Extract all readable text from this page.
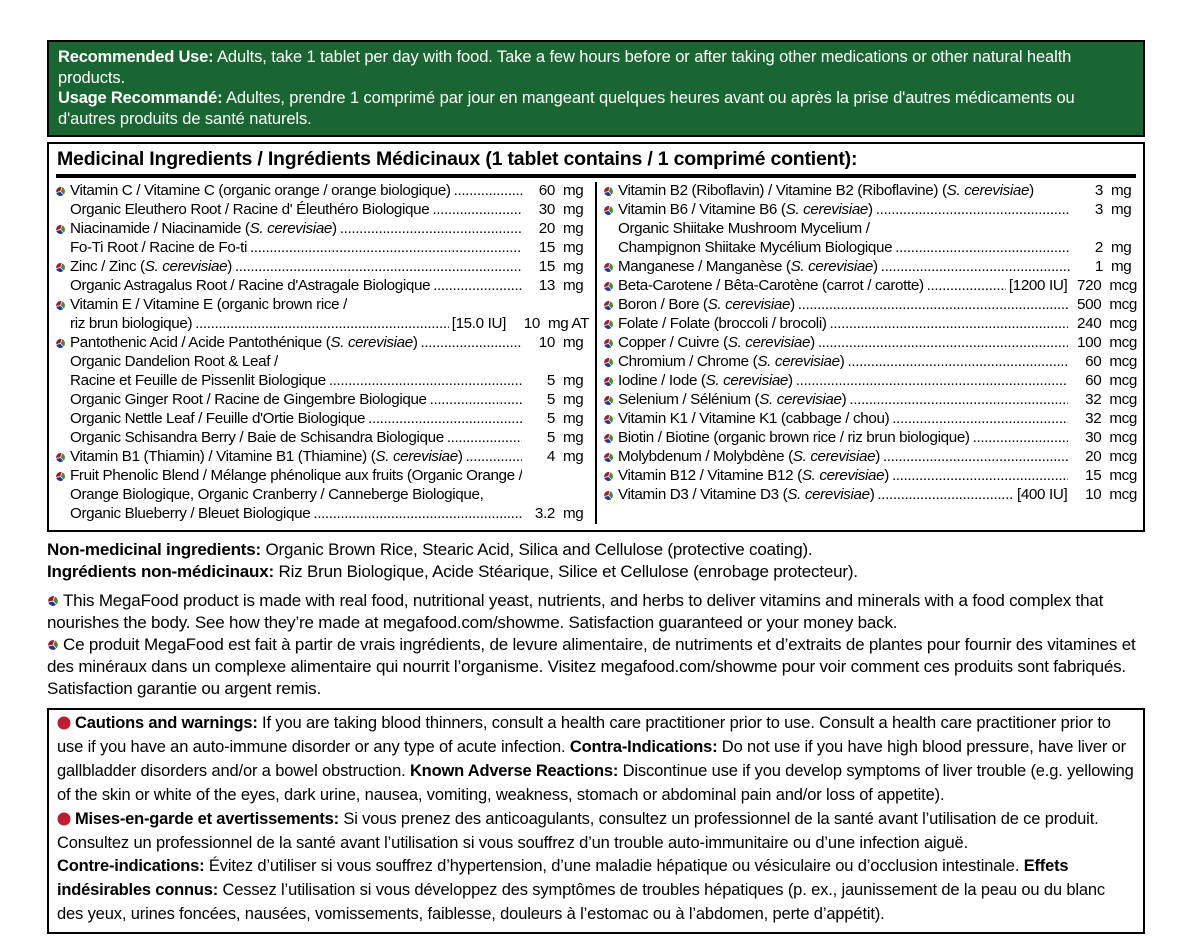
Recommended Use: Adults, take 1 tablet per day with food. Take a few hours before or after taking other medications or other natural health products.

Usage Recommandé: Adultes, prendre 1 comprimé par jour en mangeant quelques heures avant ou après la prise d'autres médicaments ou d'autres produits de santé naturels.

Medicinal Ingredients / Ingrédients Médicinaux (1 tablet contains / 1 comprimé contient):
Vitamin C / Vitamine C (organic orange / orange biologique) .....	60 mg
Organic Eleuthero Root / Racine d' Éleuthéro Biologique .....	30 mg
Niacinamide / Niacinamide (S. cerevisiae) .....	20 mg
Fo-Ti Root / Racine de Fo-ti .....	15 mg
Zinc / Zinc (S. cerevisiae) .....	15 mg
Organic Astragalus Root / Racine d'Astragale Biologique .....	13 mg
Vitamin E / Vitamine E (organic brown rice /
riz brun biologique) .....	[15.0 IU]	10 mg AT
Pantothenic Acid / Acide Pantothénique (S. cerevisiae) .....	10 mg
Organic Dandelion Root & Leaf /
Racine et Feuille de Pissenlit Biologique .....	5 mg
Organic Ginger Root / Racine de Gingembre Biologique .....	5 mg
Organic Nettle Leaf / Feuille d'Ortie Biologique .....	5 mg
Organic Schisandra Berry / Baie de Schisandra Biologique .....	5 mg
Vitamin B1 (Thiamin) / Vitamine B1 (Thiamine) (S. cerevisiae) .....	4 mg
Fruit Phenolic Blend / Mélange phénolique aux fruits (Organic Orange /
Orange Biologique, Organic Cranberry / Canneberge Biologique,
Organic Blueberry / Bleuet Biologique .....	3.2 mg
Vitamin B2 (Riboflavin) / Vitamine B2 (Riboflavine) (S. cerevisiae)	3 mg
Vitamin B6 / Vitamine B6 (S. cerevisiae) .....	3 mg
Organic Shiitake Mushroom Mycelium /
Champignon Shiitake Mycélium Biologique .....	2 mg
Manganese / Manganèse (S. cerevisiae) .....	1 mg
Beta-Carotene / Bêta-Carotène (carrot / carotte) .....	[1200 IU] 720 mcg
Boron / Bore (S. cerevisiae) .....	500 mcg
Folate / Folate (broccoli / brocoli) .....	240 mcg
Copper / Cuivre (S. cerevisiae) .....	100 mcg
Chromium / Chrome (S. cerevisiae) .....	60 mcg
Iodine / Iode (S. cerevisiae) .....	60 mcg
Selenium / Sélénium (S. cerevisiae) .....	32 mcg
Vitamin K1 / Vitamine K1 (cabbage / chou) .....	32 mcg
Biotin / Biotine (organic brown rice / riz brun biologique) .....	30 mcg
Molybdenum / Molybdène (S. cerevisiae) .....	20 mcg
Vitamin B12 / Vitamine B12 (S. cerevisiae) .....	15 mcg
Vitamin D3 / Vitamine D3 (S. cerevisiae) .....	[400 IU]	10 mcg

Non-medicinal ingredients: Organic Brown Rice, Stearic Acid, Silica and Cellulose (protective coating).

Ingrédients non-médicinaux: Riz Brun Biologique, Acide Stéarique, Silice et Cellulose (enrobage protecteur).

This MegaFood product is made with real food, nutritional yeast, nutrients, and herbs to deliver vitamins and minerals with a food complex that nourishes the body. See how they’re made at megafood.com/showme. Satisfaction guaranteed or your money back.

Ce produit MegaFood est fait à partir de vrais ingrédients, de levure alimentaire, de nutriments et d’extraits de plantes pour fournir des vitamines et des minéraux dans un complexe alimentaire qui nourrit l’organisme. Visitez megafood.com/showme pour voir comment ces produits sont fabriqués. Satisfaction garantie ou argent remis.

Cautions and warnings: If you are taking blood thinners, consult a health care practitioner prior to use. Consult a health care practitioner prior to use if you have an auto-immune disorder or any type of acute infection. Contra-Indications: Do not use if you have high blood pressure, have liver or gallbladder disorders and/or a bowel obstruction. Known Adverse Reactions: Discontinue use if you develop symptoms of liver trouble (e.g. yellowing of the skin or white of the eyes, dark urine, nausea, vomiting, weakness, stomach or abdominal pain and/or loss of appetite).

Mises-en-garde et avertissements: Si vous prenez des anticoagulants, consultez un professionnel de la santé avant l’utilisation de ce produit. Consultez un professionnel de la santé avant l’utilisation si vous souffrez d’un trouble auto-immunitaire ou d’une infection aiguë.

Contre-indications: Évitez d’utiliser si vous souffrez d’hypertension, d’une maladie hépatique ou vésiculaire ou d’occlusion intestinale. Effets indésirables connus: Cessez l’utilisation si vous développez des symptômes de troubles hépatiques (p. ex., jaunissement de la peau ou du blanc des yeux, urines foncées, nausées, vomissements, faiblesse, douleurs à l’estomac ou à l’abdomen, perte d’appétit).
